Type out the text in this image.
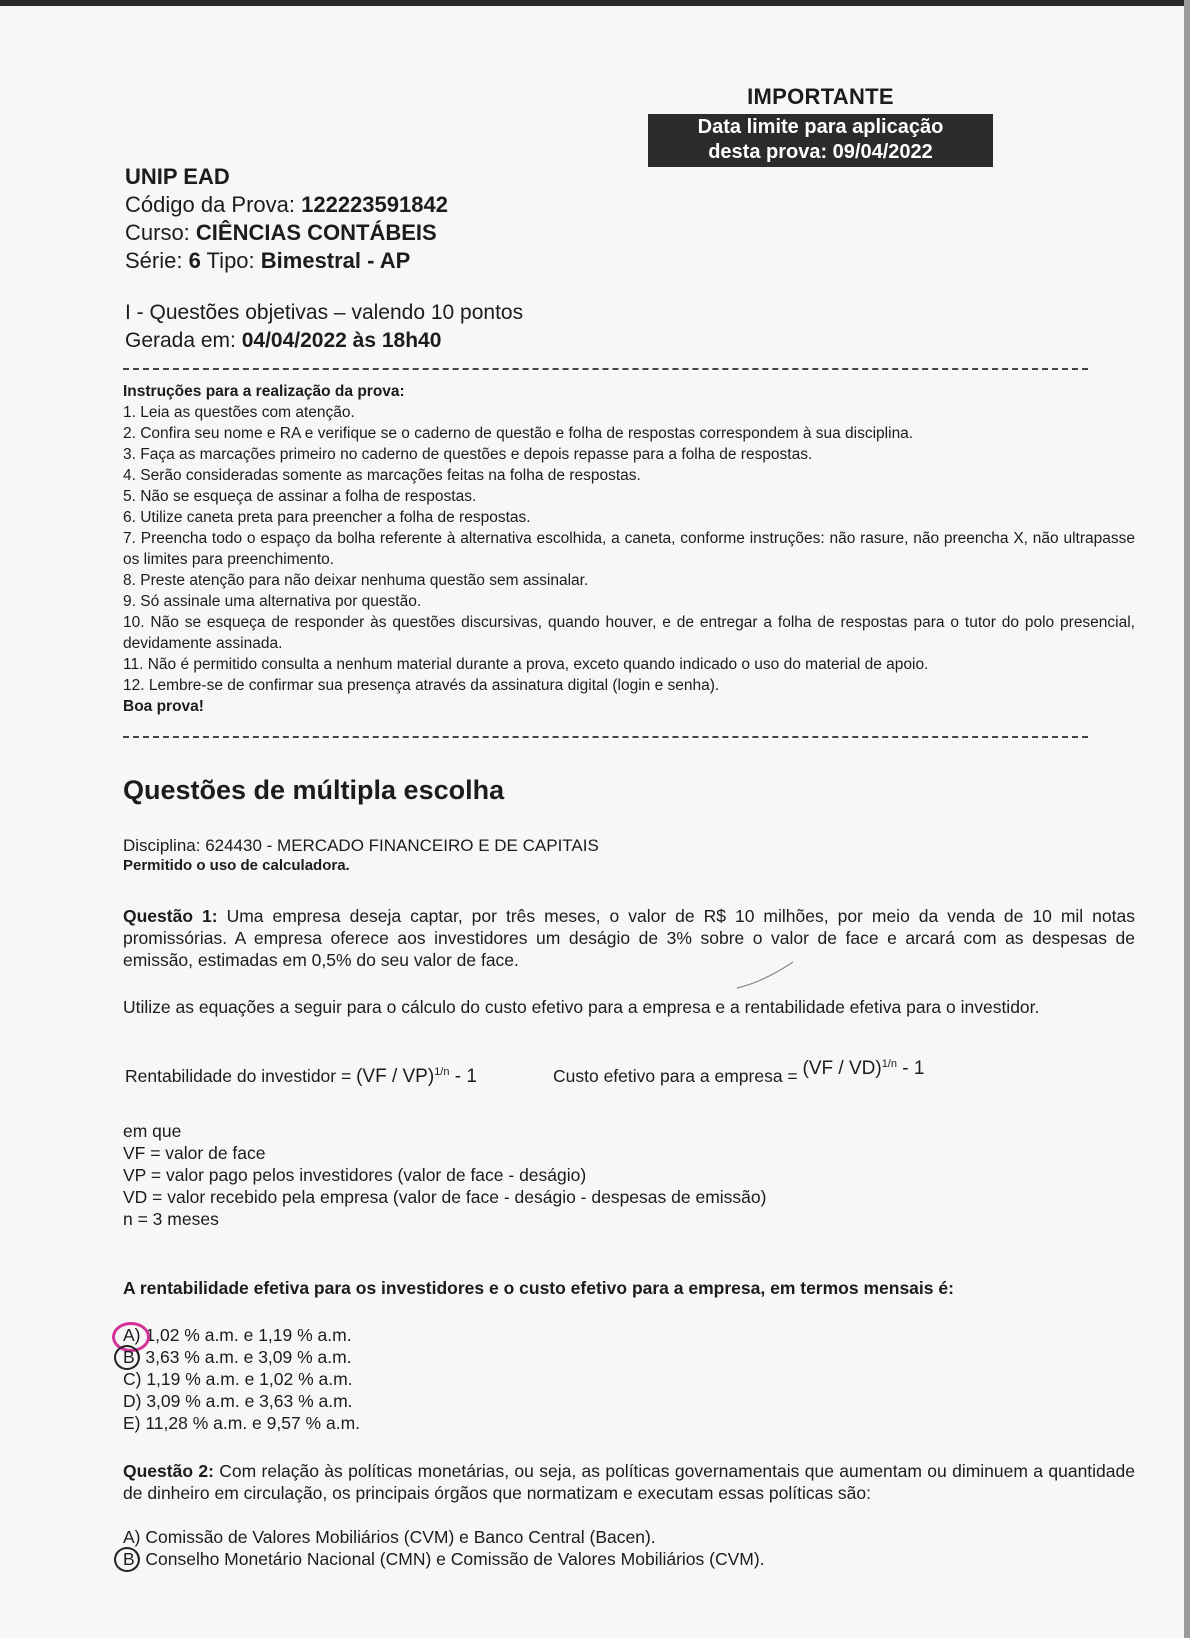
IMPORTANTE
Data limite para aplicação
desta prova: 09/04/2022
UNIP EAD
Código da Prova: 122223591842
Curso: CIÊNCIAS CONTÁBEIS
Série: 6 Tipo: Bimestral - AP
I - Questões objetivas – valendo 10 pontos
Gerada em: 04/04/2022 às 18h40
Instruções para a realização da prova:
1. Leia as questões com atenção.
2. Confira seu nome e RA e verifique se o caderno de questão e folha de respostas correspondem à sua disciplina.
3. Faça as marcações primeiro no caderno de questões e depois repasse para a folha de respostas.
4. Serão consideradas somente as marcações feitas na folha de respostas.
5. Não se esqueça de assinar a folha de respostas.
6. Utilize caneta preta para preencher a folha de respostas.
7. Preencha todo o espaço da bolha referente à alternativa escolhida, a caneta, conforme instruções: não rasure, não preencha X, não ultrapasse os limites para preenchimento.
8. Preste atenção para não deixar nenhuma questão sem assinalar.
9. Só assinale uma alternativa por questão.
10. Não se esqueça de responder às questões discursivas, quando houver, e de entregar a folha de respostas para o tutor do polo presencial, devidamente assinada.
11. Não é permitido consulta a nenhum material durante a prova, exceto quando indicado o uso do material de apoio.
12. Lembre-se de confirmar sua presença através da assinatura digital (login e senha).
Boa prova!
Questões de múltipla escolha
Disciplina: 624430 - MERCADO FINANCEIRO E DE CAPITAIS
Permitido o uso de calculadora.
Questão 1: Uma empresa deseja captar, por três meses, o valor de R$ 10 milhões, por meio da venda de 10 mil notas promissórias. A empresa oferece aos investidores um deságio de 3% sobre o valor de face e arcará com as despesas de emissão, estimadas em 0,5% do seu valor de face.
Utilize as equações a seguir para o cálculo do custo efetivo para a empresa e a rentabilidade efetiva para o investidor.
Rentabilidade do investidor = (VF / VP)$^{1/n}$ - 1	Custo efetivo para a empresa = (VF / VD)$^{1/n}$ - 1
em que
VF = valor de face
VP = valor pago pelos investidores (valor de face - deságio)
VD = valor recebido pela empresa (valor de face - deságio - despesas de emissão)
n = 3 meses
A rentabilidade efetiva para os investidores e o custo efetivo para a empresa, em termos mensais é:
A) 1,02 % a.m. e 1,19 % a.m.
B) 3,63 % a.m. e 3,09 % a.m.
C) 1,19 % a.m. e 1,02 % a.m.
D) 3,09 % a.m. e 3,63 % a.m.
E) 11,28 % a.m. e 9,57 % a.m.
Questão 2: Com relação às políticas monetárias, ou seja, as políticas governamentais que aumentam ou diminuem a quantidade de dinheiro em circulação, os principais órgãos que normatizam e executam essas políticas são:
A) Comissão de Valores Mobiliários (CVM) e Banco Central (Bacen).
B) Conselho Monetário Nacional (CMN) e Comissão de Valores Mobiliários (CVM).
